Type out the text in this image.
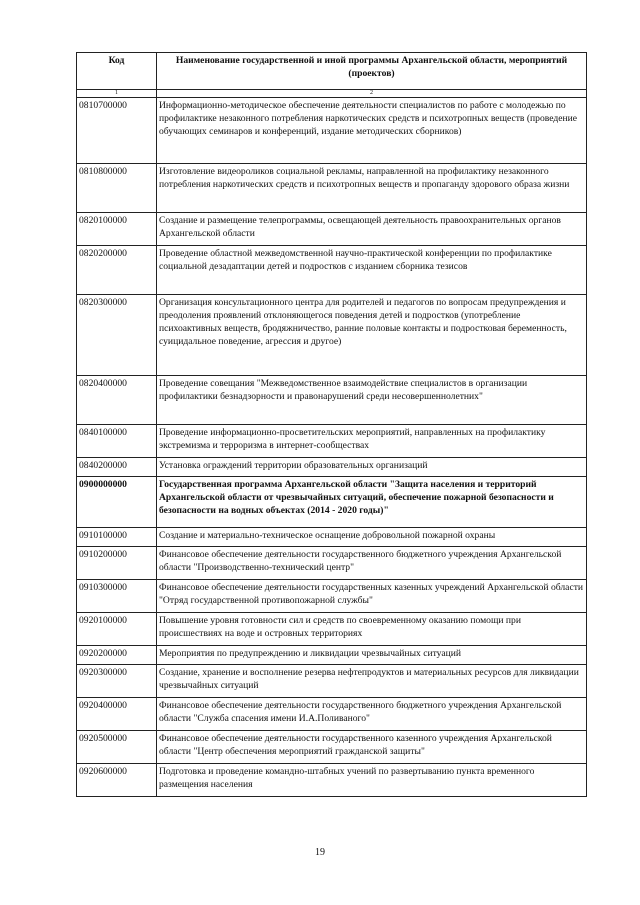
Код	Наименование государственной и иной программы Архангельской области, мероприятий (проектов)
1	2
0810700000	Информационно-методическое обеспечение деятельности специалистов по работе с молодежью по профилактике незаконного потребления наркотических средств и психотропных веществ (проведение обучающих семинаров и конференций, издание методических сборников)
0810800000	Изготовление видеороликов социальной рекламы, направленной на профилактику незаконного потребления наркотических средств и психотропных веществ и пропаганду здорового образа жизни
0820100000	Создание и размещение телепрограммы, освещающей деятельность правоохранительных органов Архангельской области
0820200000	Проведение областной межведомственной научно-практической конференции по профилактике социальной дезадаптации детей и подростков с изданием сборника тезисов
0820300000	Организация консультационного центра для родителей и педагогов по вопросам предупреждения и преодоления проявлений отклоняющегося поведения детей и подростков (употребление психоактивных веществ, бродяжничество, ранние половые контакты и подростковая беременность, суицидальное поведение, агрессия и другое)
0820400000	Проведение совещания "Межведомственное взаимодействие специалистов в организации профилактики безнадзорности и правонарушений среди несовершеннолетних"
0840100000	Проведение информационно-просветительских мероприятий, направленных на профилактику экстремизма и терроризма в интернет-сообществах
0840200000	Установка ограждений территории образовательных организаций
0900000000	Государственная программа Архангельской области "Защита населения и территорий Архангельской области от чрезвычайных ситуаций, обеспечение пожарной безопасности и безопасности на водных объектах (2014 - 2020 годы)"
0910100000	Создание и материально-техническое оснащение добровольной пожарной охраны
0910200000	Финансовое обеспечение деятельности государственного бюджетного учреждения Архангельской области "Производственно-технический центр"
0910300000	Финансовое обеспечение деятельности государственных казенных учреждений Архангельской области "Отряд государственной противопожарной службы"
0920100000	Повышение уровня готовности сил и средств по своевременному оказанию помощи при происшествиях на воде и островных территориях
0920200000	Мероприятия по предупреждению и ликвидации чрезвычайных ситуаций
0920300000	Создание, хранение и восполнение резерва нефтепродуктов и материальных ресурсов для ликвидации чрезвычайных ситуаций
0920400000	Финансовое обеспечение деятельности государственного бюджетного учреждения Архангельской области "Служба спасения имени И.А.Поливаного"
0920500000	Финансовое обеспечение деятельности государственного казенного учреждения Архангельской области "Центр обеспечения мероприятий гражданской защиты"
0920600000	Подготовка и проведение командно-штабных учений по развертыванию пункта временного размещения населения
19
